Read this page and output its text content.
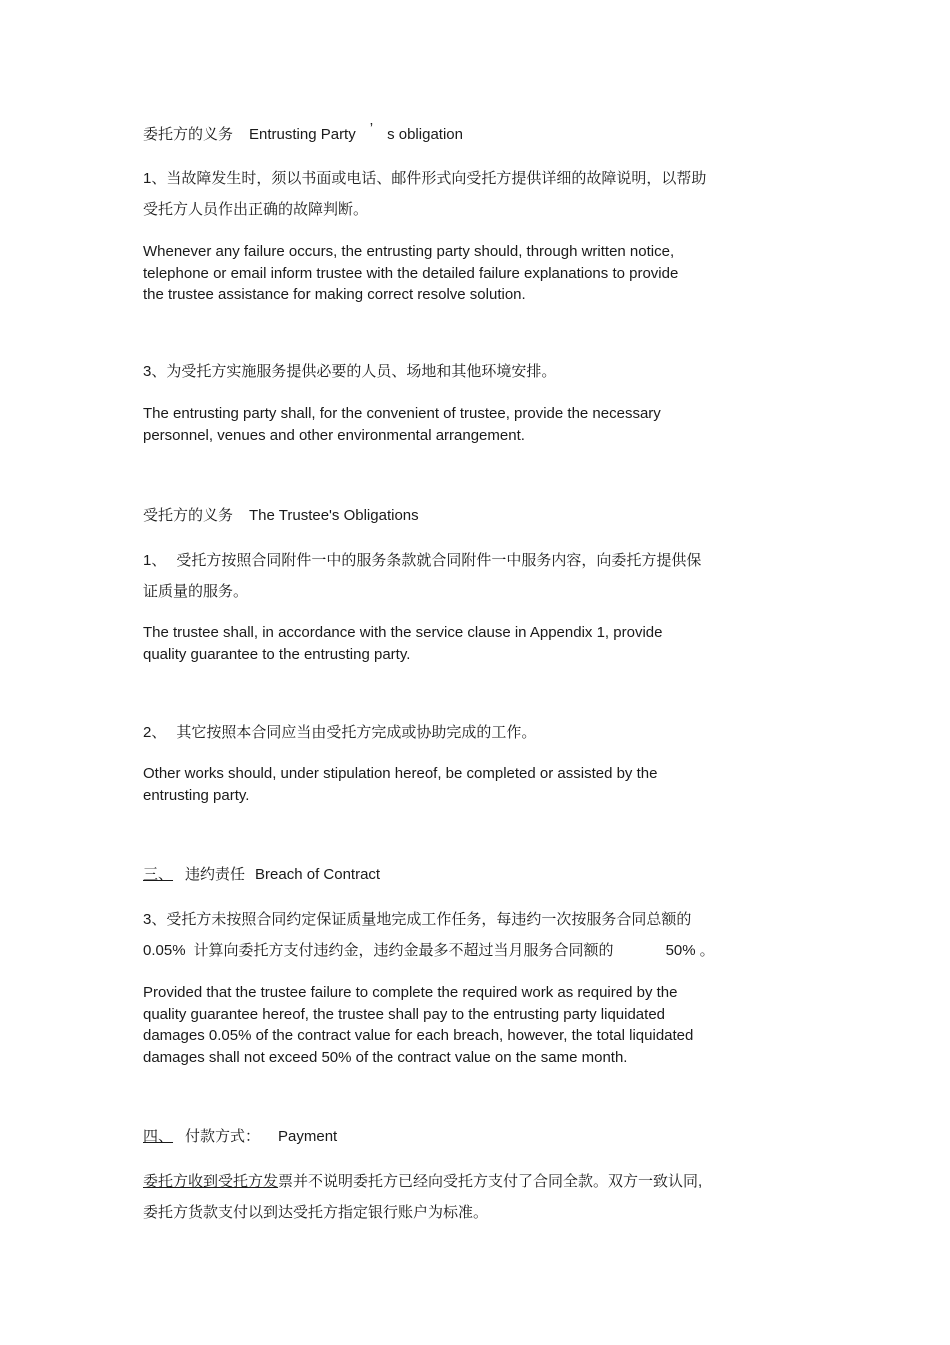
委托方的义务 Entrusting Party ’ s obligation

1、当故障发生时，须以书面或电话、邮件形式向受托方提供详细的故障说明，以帮助
受托方人员作出正确的故障判断。
Whenever any failure occurs, the entrusting party should, through written notice,
telephone or email inform trustee with the detailed failure explanations to provide
the trustee assistance for making correct resolve solution.
3、为受托方实施服务提供必要的人员、场地和其他环境安排。
The entrusting party shall, for the convenient of trustee, provide the necessary
personnel, venues and other environmental arrangement.

受托方的义务 The Trustee's Obligations

1、 受托方按照合同附件一中的服务条款就合同附件一中服务内容，向委托方提供保
证质量的服务。
The trustee shall, in accordance with the service clause in Appendix 1, provide
quality guarantee to the entrusting party.
2、 其它按照本合同应当由受托方完成或协助完成的工作。
Other works should, under stipulation hereof, be completed or assisted by the
entrusting party.

三、 违约责任 Breach of Contract

3、受托方未按照合同约定保证质量地完成工作任务，每违约一次按服务合同总额的
0.05% 计算向委托方支付违约金，违约金最多不超过当月服务合同额的	50% 。
Provided that the trustee failure to complete the required work as required by the
quality guarantee hereof, the trustee shall pay to the entrusting party liquidated
damages 0.05% of the contract value for each breach, however, the total liquidated
damages shall not exceed 50% of the contract value on the same month.

四、 付款方式： Payment

委托方收到受托方发票并不说明委托方已经向受托方支付了合同全款。双方一致认同,
委托方货款支付以到达受托方指定银行账户为标准。
